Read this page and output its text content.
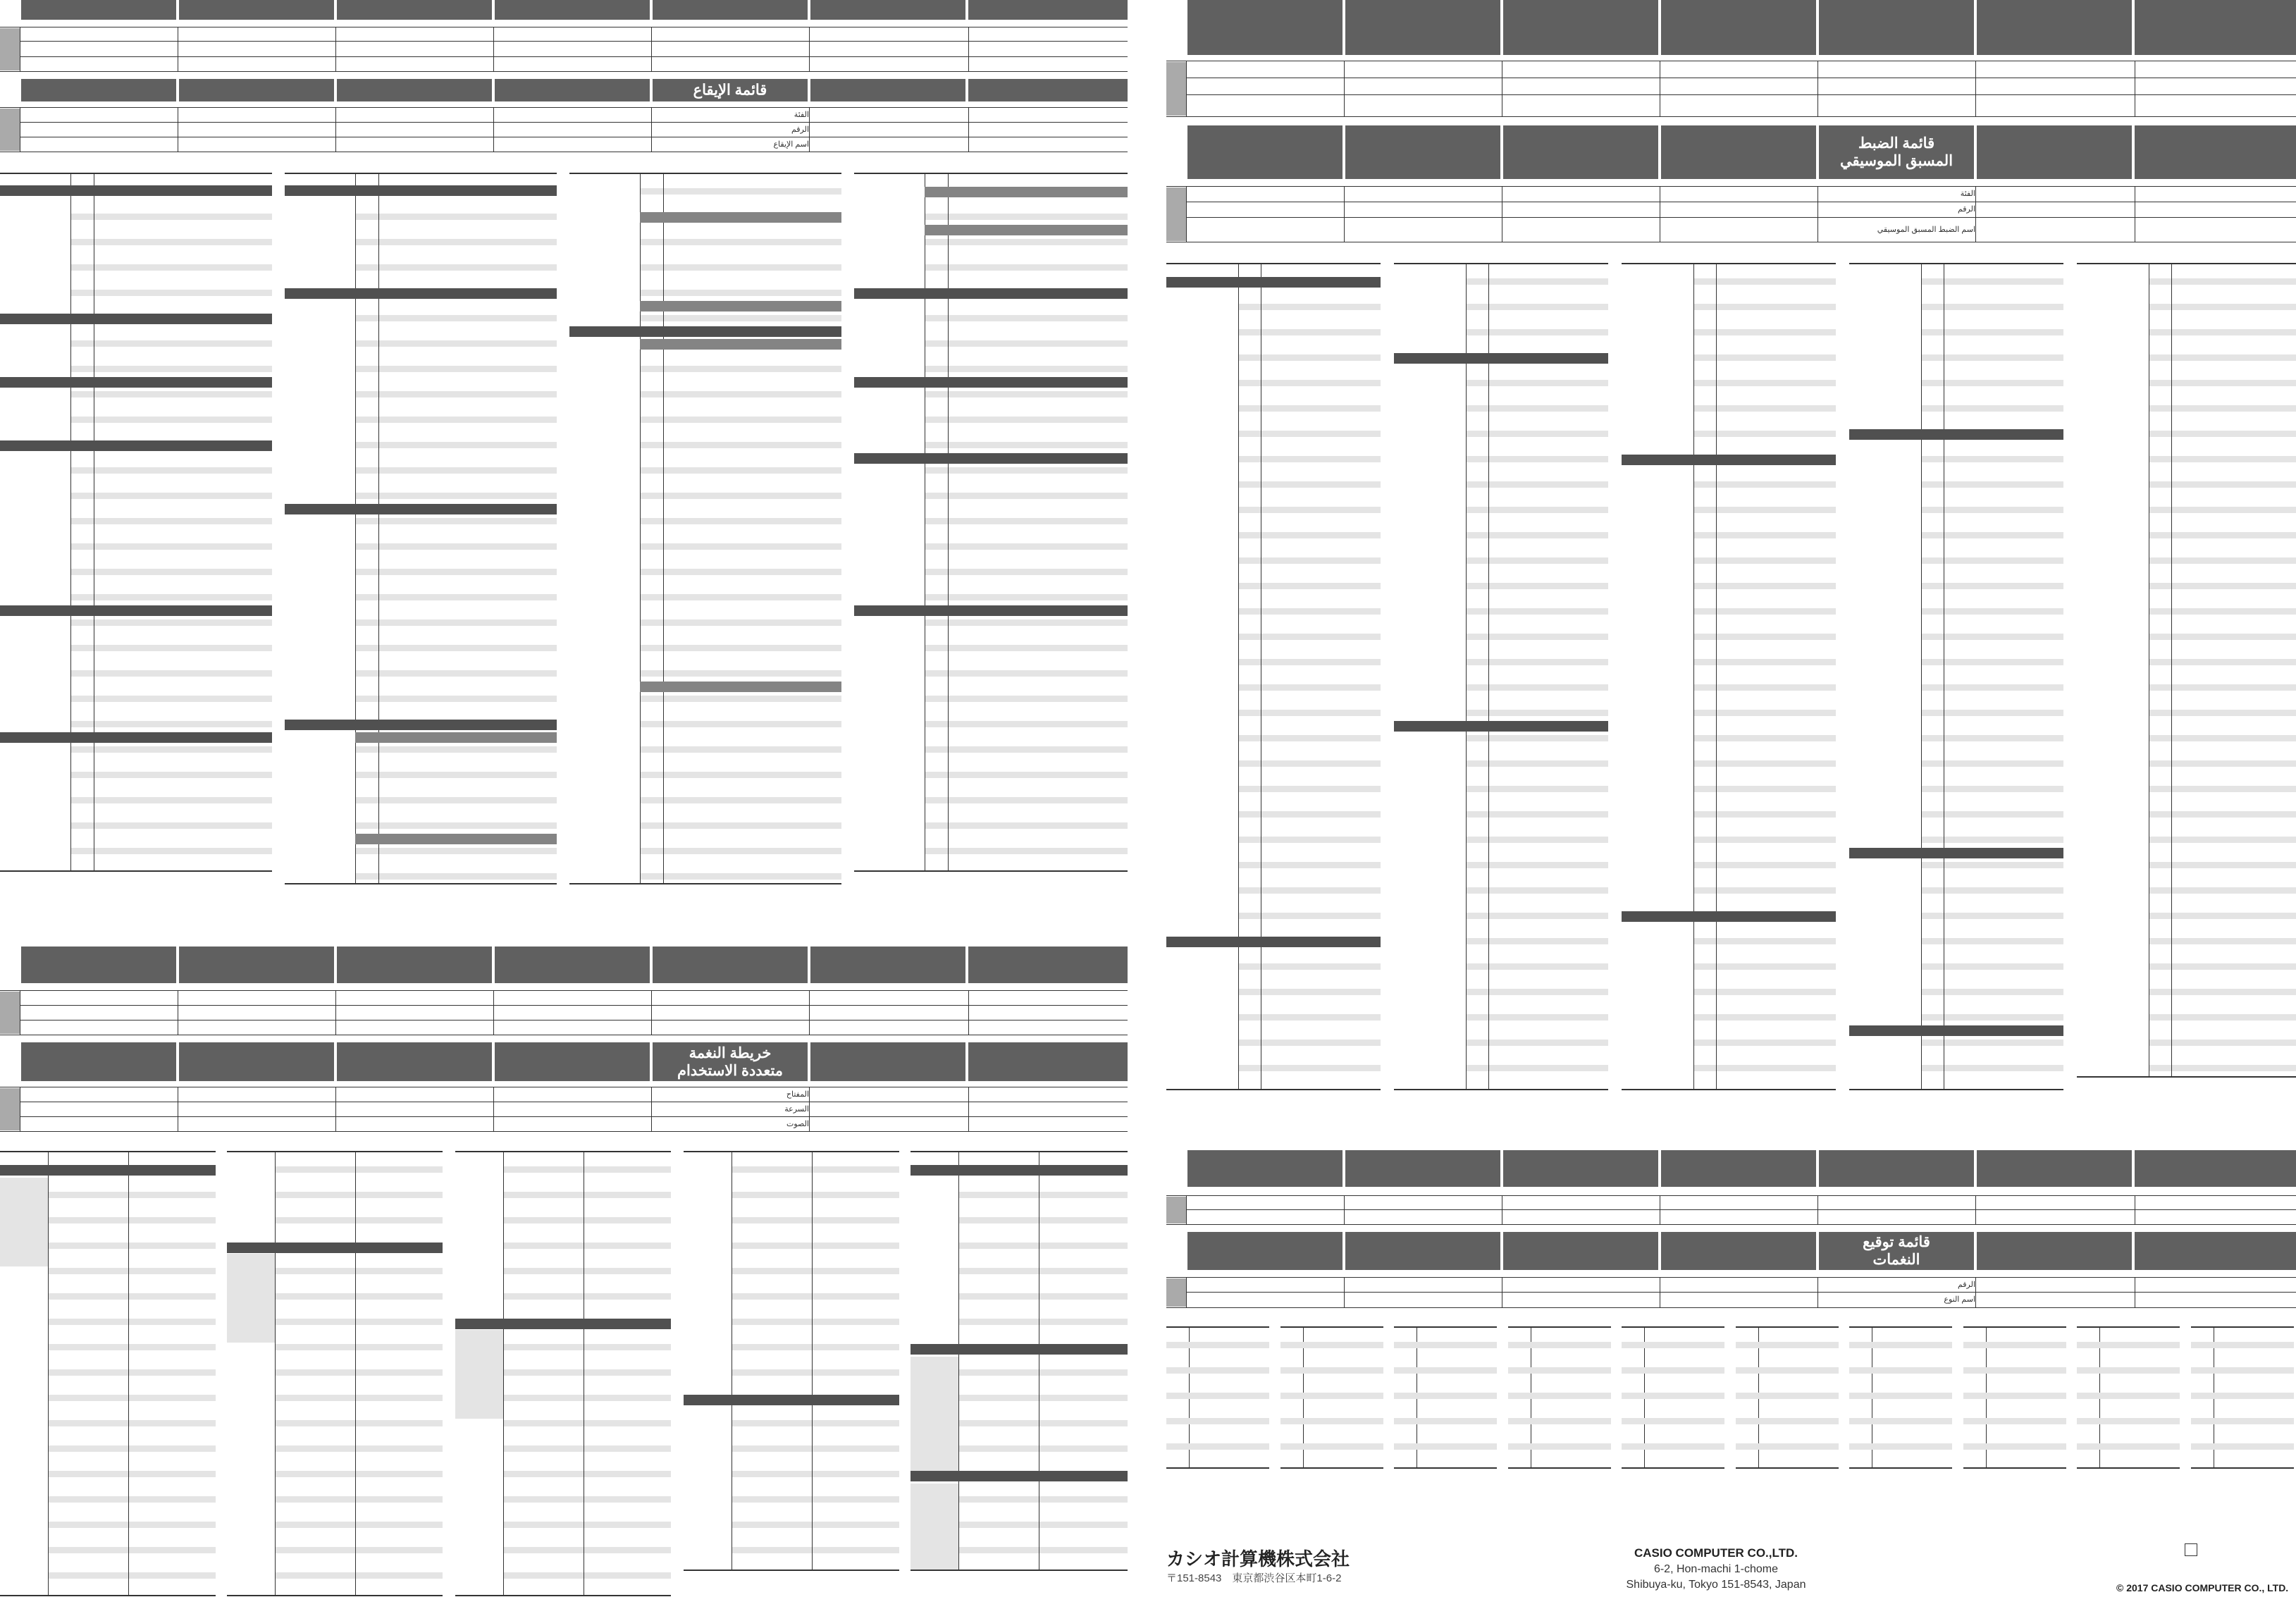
قائمة الإيقاع
الفئة
الرقم
اسم الإيقاع
خريطة النغمة
متعددة الاستخدام
المفتاح
السرعة
الصوت
قائمة الضبط
المسبق الموسيقي
الفئة
الرقم
اسم الضبط المسبق الموسيقي
قائمة توقيع
النغمات
الرقم
اسم النوع
カシオ計算機株式会社
〒151-8543　東京都渋谷区本町1-6-2
CASIO COMPUTER CO.,LTD.
6-2, Hon-machi 1-chome
Shibuya-ku, Tokyo 151-8543, Japan	© 2017 CASIO COMPUTER CO., LTD.
